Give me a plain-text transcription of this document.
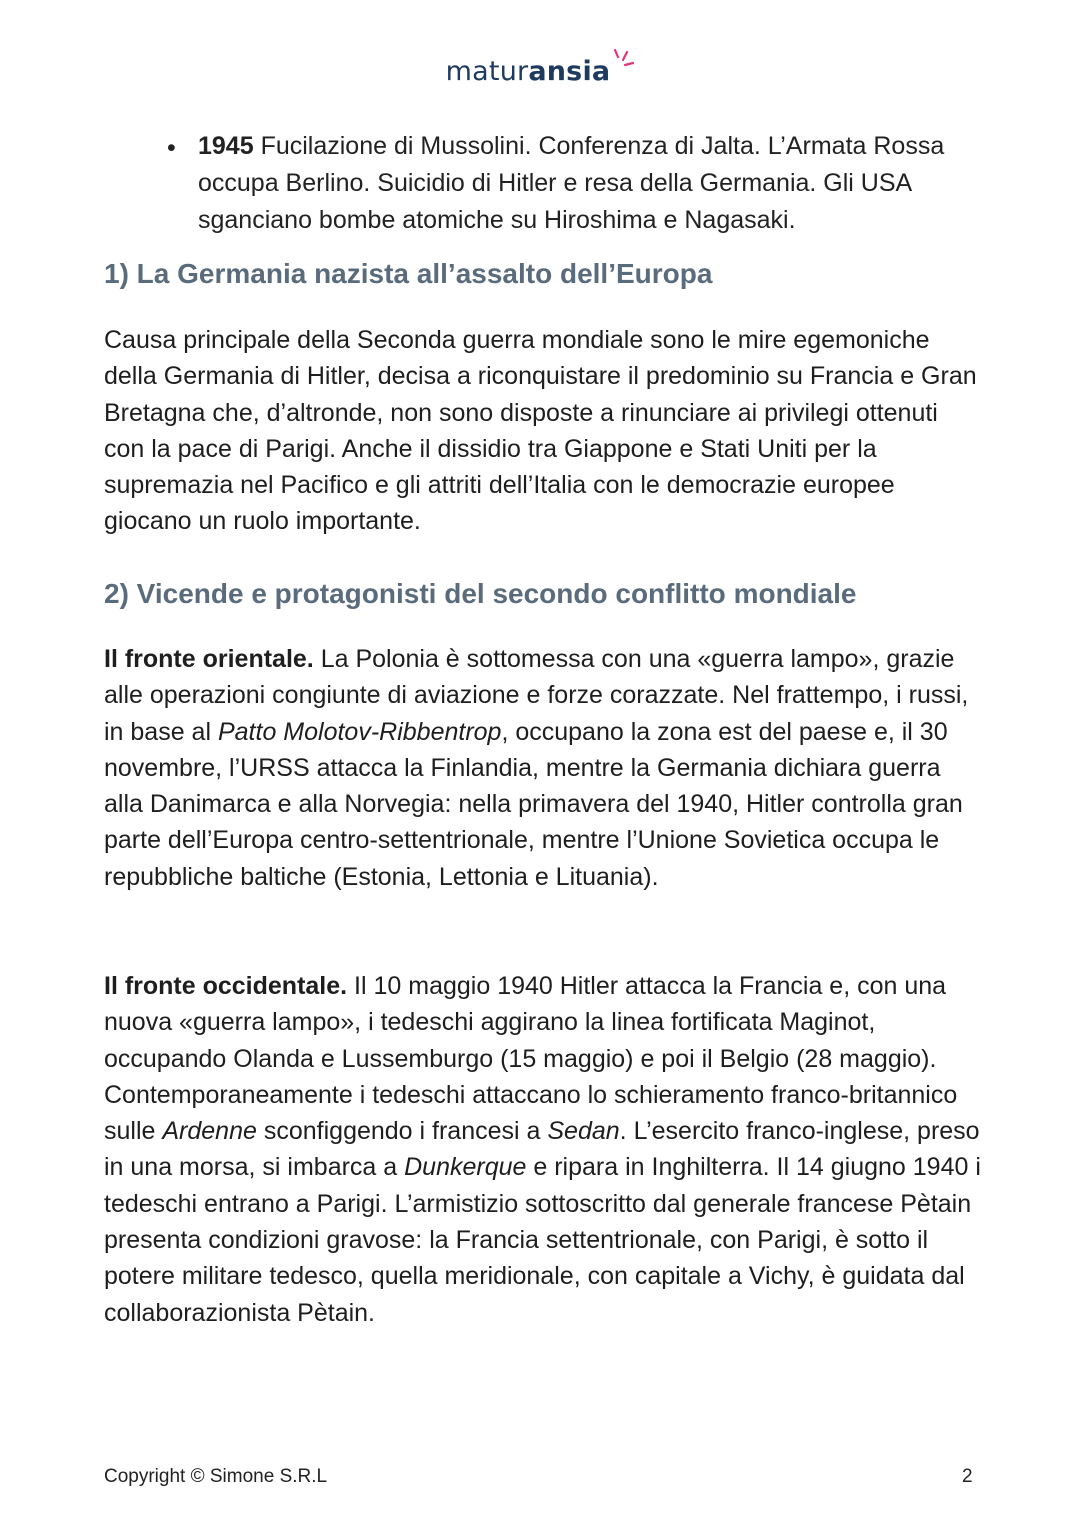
maturansia
• 1945 Fucilazione di Mussolini. Conferenza di Jalta. L’Armata Rossa occupa Berlino. Suicidio di Hitler e resa della Germania. Gli USA sganciano bombe atomiche su Hiroshima e Nagasaki.
1) La Germania nazista all’assalto dell’Europa

Causa principale della Seconda guerra mondiale sono le mire egemoniche della Germania di Hitler, decisa a riconquistare il predominio su Francia e Gran Bretagna che, d’altronde, non sono disposte a rinunciare ai privilegi ottenuti con la pace di Parigi. Anche il dissidio tra Giappone e Stati Uniti per la supremazia nel Pacifico e gli attriti dell’Italia con le democrazie europee giocano un ruolo importante.

2) Vicende e protagonisti del secondo conflitto mondiale

Il fronte orientale. La Polonia è sottomessa con una «guerra lampo», grazie alle operazioni congiunte di aviazione e forze corazzate. Nel frattempo, i russi, in base al Patto Molotov-Ribbentrop, occupano la zona est del paese e, il 30 novembre, l’URSS attacca la Finlandia, mentre la Germania dichiara guerra alla Danimarca e alla Norvegia: nella primavera del 1940, Hitler controlla gran parte dell’Europa centro-settentrionale, mentre l’Unione Sovietica occupa le repubbliche baltiche (Estonia, Lettonia e Lituania).

Il fronte occidentale. Il 10 maggio 1940 Hitler attacca la Francia e, con una nuova «guerra lampo», i tedeschi aggirano la linea fortificata Maginot, occupando Olanda e Lussemburgo (15 maggio) e poi il Belgio (28 maggio). Contemporaneamente i tedeschi attaccano lo schieramento franco-britannico sulle Ardenne sconfiggendo i francesi a Sedan. L’esercito franco-inglese, preso in una morsa, si imbarca a Dunkerque e ripara in Inghilterra. Il 14 giugno 1940 i tedeschi entrano a Parigi. L’armistizio sottoscritto dal generale francese Pètain presenta condizioni gravose: la Francia settentrionale, con Parigi, è sotto il potere militare tedesco, quella meridionale, con capitale a Vichy, è guidata dal collaborazionista Pètain.

Copyright © Simone S.R.L	2
